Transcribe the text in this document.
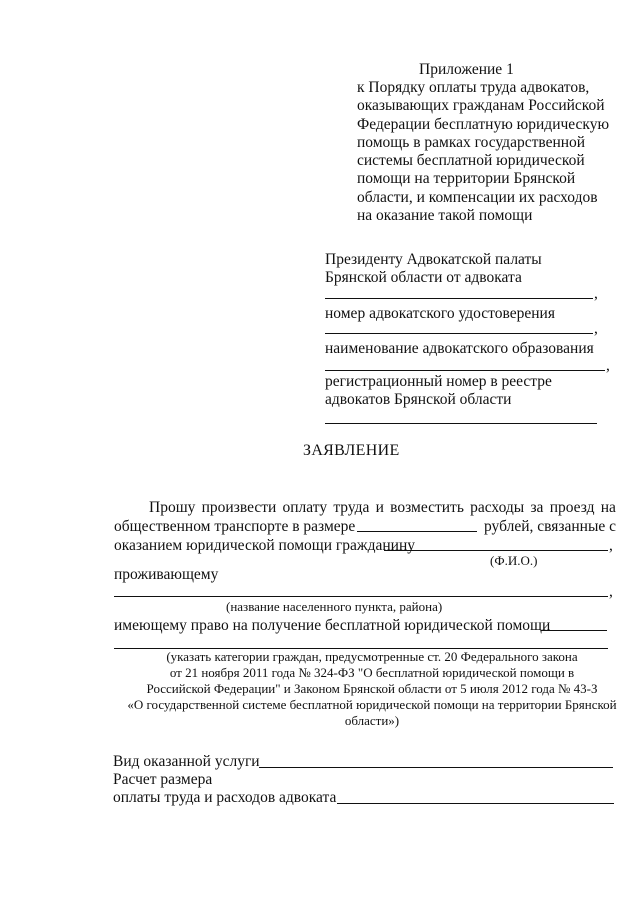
Приложение 1
к Порядку оплаты труда адвокатов,
оказывающих гражданам Российской
Федерации бесплатную юридическую
помощь в рамках государственной
системы бесплатной юридической
помощи на территории Брянской
области, и компенсации их расходов
на оказание такой помощи
Президенту Адвокатской палаты
Брянской области от адвоката
,
номер адвокатского удостоверения
,
наименование адвокатского образования
,
регистрационный номер в реестре
адвокатов Брянской области
ЗАЯВЛЕНИЕ
Прошу произвести оплату труда и возместить расходы за проезд на
общественном транспорте в размере	рублей, связанные с
оказанием юридической помощи гражданину	,
(Ф.И.О.)
проживающему
,
(название населенного пункта, района)
имеющему право на получение бесплатной юридической помощи
(указать категории граждан, предусмотренные ст. 20 Федерального закона
от 21 ноября 2011 года № 324-ФЗ "О бесплатной юридической помощи в
Российской Федерации" и Законом Брянской области от 5 июля 2012 года № 43-З
«О государственной системе бесплатной юридической помощи на территории Брянской
области»)
Вид оказанной услуги
Расчет размера
оплаты труда и расходов адвоката
